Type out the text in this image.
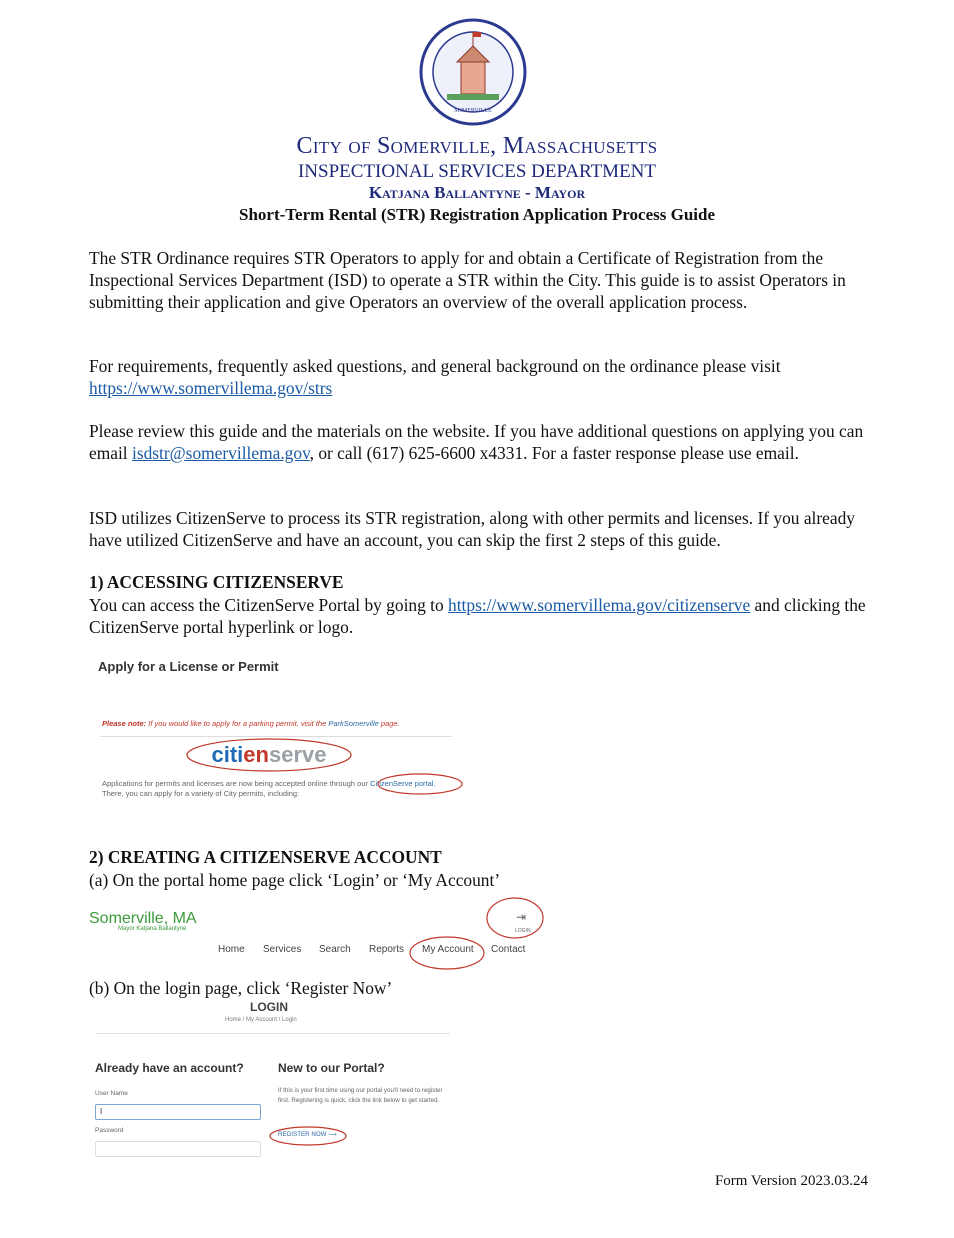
SOMERVILLE
City of Somerville, Massachusetts
INSPECTIONAL SERVICES DEPARTMENT
Katjana Ballantyne - Mayor
Short-Term Rental (STR) Registration Application Process Guide
The STR Ordinance requires STR Operators to apply for and obtain a Certificate of Registration from the Inspectional Services Department (ISD) to operate a STR within the City. This guide is to assist Operators in submitting their application and give Operators an overview of the overall application process.
For requirements, frequently asked questions, and general background on the ordinance please visit
https://www.somervillema.gov/strs
Please review this guide and the materials on the website. If you have additional questions on applying you can email isdstr@somervillema.gov, or call (617) 625-6600 x4331. For a faster response please use email.
ISD utilizes CitizenServe to process its STR registration, along with other permits and licenses. If you already have utilized CitizenServe and have an account, you can skip the first 2 steps of this guide.
1) ACCESSING CITIZENSERVE
You can access the CitizenServe Portal by going to https://www.somervillema.gov/citizenserve and clicking the CitizenServe portal hyperlink or logo.
Apply for a License or Permit
Please note: If you would like to apply for a parking permit, visit the ParkSomerville page.
citienserve
Applications for permits and licenses are now being accepted online through our CitizenServe portal.
There, you can apply for a variety of City permits, including:
2) CREATING A CITIZENSERVE ACCOUNT
(a) On the portal home page click ‘Login’ or ‘My Account’
Somerville, MA
Mayor Katjana Ballantyne
⇥
LOGIN
Home Services Search Reports My Account Contact
(b) On the login page, click ‘Register Now’
LOGIN
Home / My Account / Login
Already have an account?	New to our Portal?
User Name
I
Password
If this is your first time using our portal you'll need to register first. Registering is quick, click the link below to get started.
REGISTER NOW ⟶
Form Version 2023.03.24
